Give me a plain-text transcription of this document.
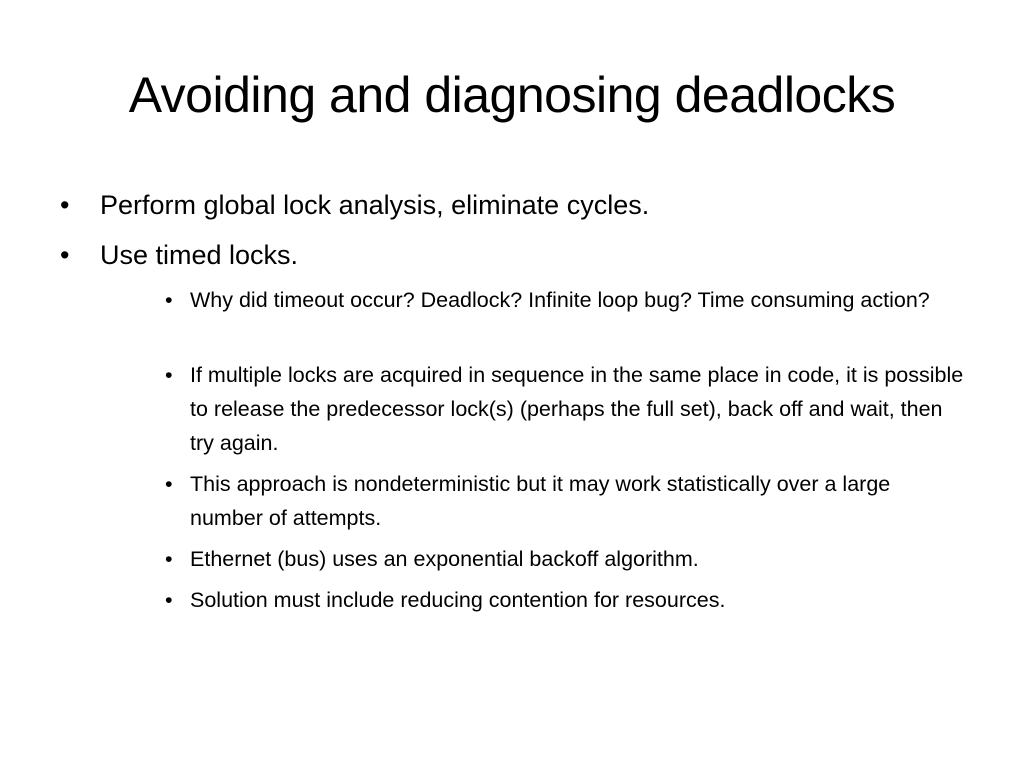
Avoiding and diagnosing deadlocks
•	Perform global lock analysis, eliminate cycles.
•	Use timed locks.
• Why did timeout occur? Deadlock? Infinite loop bug? Time consuming action?
• If multiple locks are acquired in sequence in the same place in code, it is possible to release the predecessor lock(s) (perhaps the full set), back off and wait, then try again.
• This approach is nondeterministic but it may work statistically over a large number of attempts.
• Ethernet (bus) uses an exponential backoff algorithm.
• Solution must include reducing contention for resources.
